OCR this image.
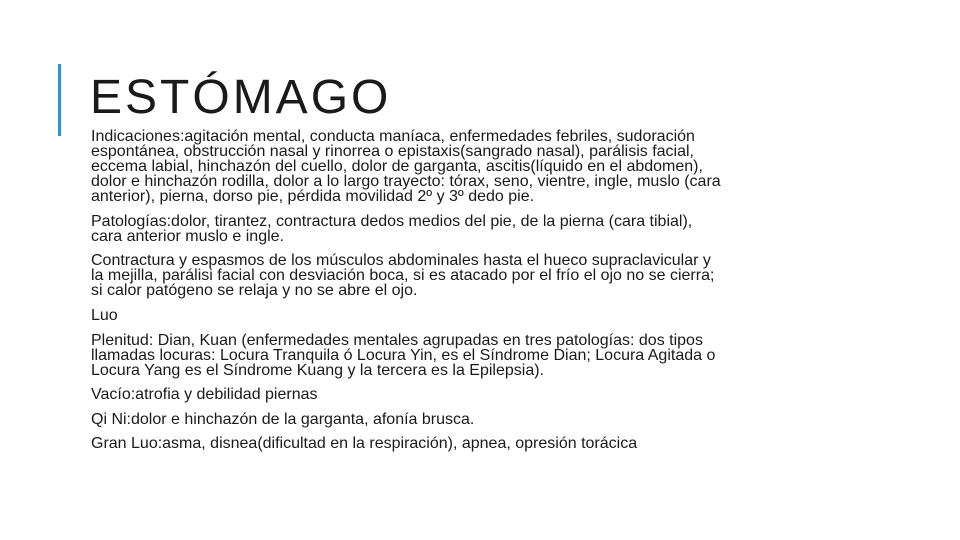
ESTÓMAGO

Indicaciones:agitación mental, conducta maníaca, enfermedades febriles, sudoración
espontánea, obstrucción nasal y rinorrea o epistaxis(sangrado nasal), parálisis facial,
eccema labial, hinchazón del cuello, dolor de garganta, ascitis(líquido en el abdomen),
dolor e hinchazón rodilla, dolor a lo largo trayecto: tórax, seno, vientre, ingle, muslo (cara
anterior), pierna, dorso pie, pérdida movilidad 2º y 3º dedo pie.

Patologías:dolor, tirantez, contractura dedos medios del pie, de la pierna (cara tibial),
cara anterior muslo e ingle.

Contractura y espasmos de los músculos abdominales hasta el hueco supraclavicular y
la mejilla, parálisi facial con desviación boca, si es atacado por el frío el ojo no se cierra;
si calor patógeno se relaja y no se abre el ojo.

Luo

Plenitud: Dian, Kuan (enfermedades mentales agrupadas en tres patologías: dos tipos
llamadas locuras: Locura Tranquila ó Locura Yin, es el Síndrome Dian; Locura Agitada o
Locura Yang es el Síndrome Kuang y la tercera es la Epilepsia).

Vacío:atrofia y debilidad piernas

Qi Ni:dolor e hinchazón de la garganta, afonía brusca.

Gran Luo:asma, disnea(dificultad en la respiración), apnea, opresión torácica
